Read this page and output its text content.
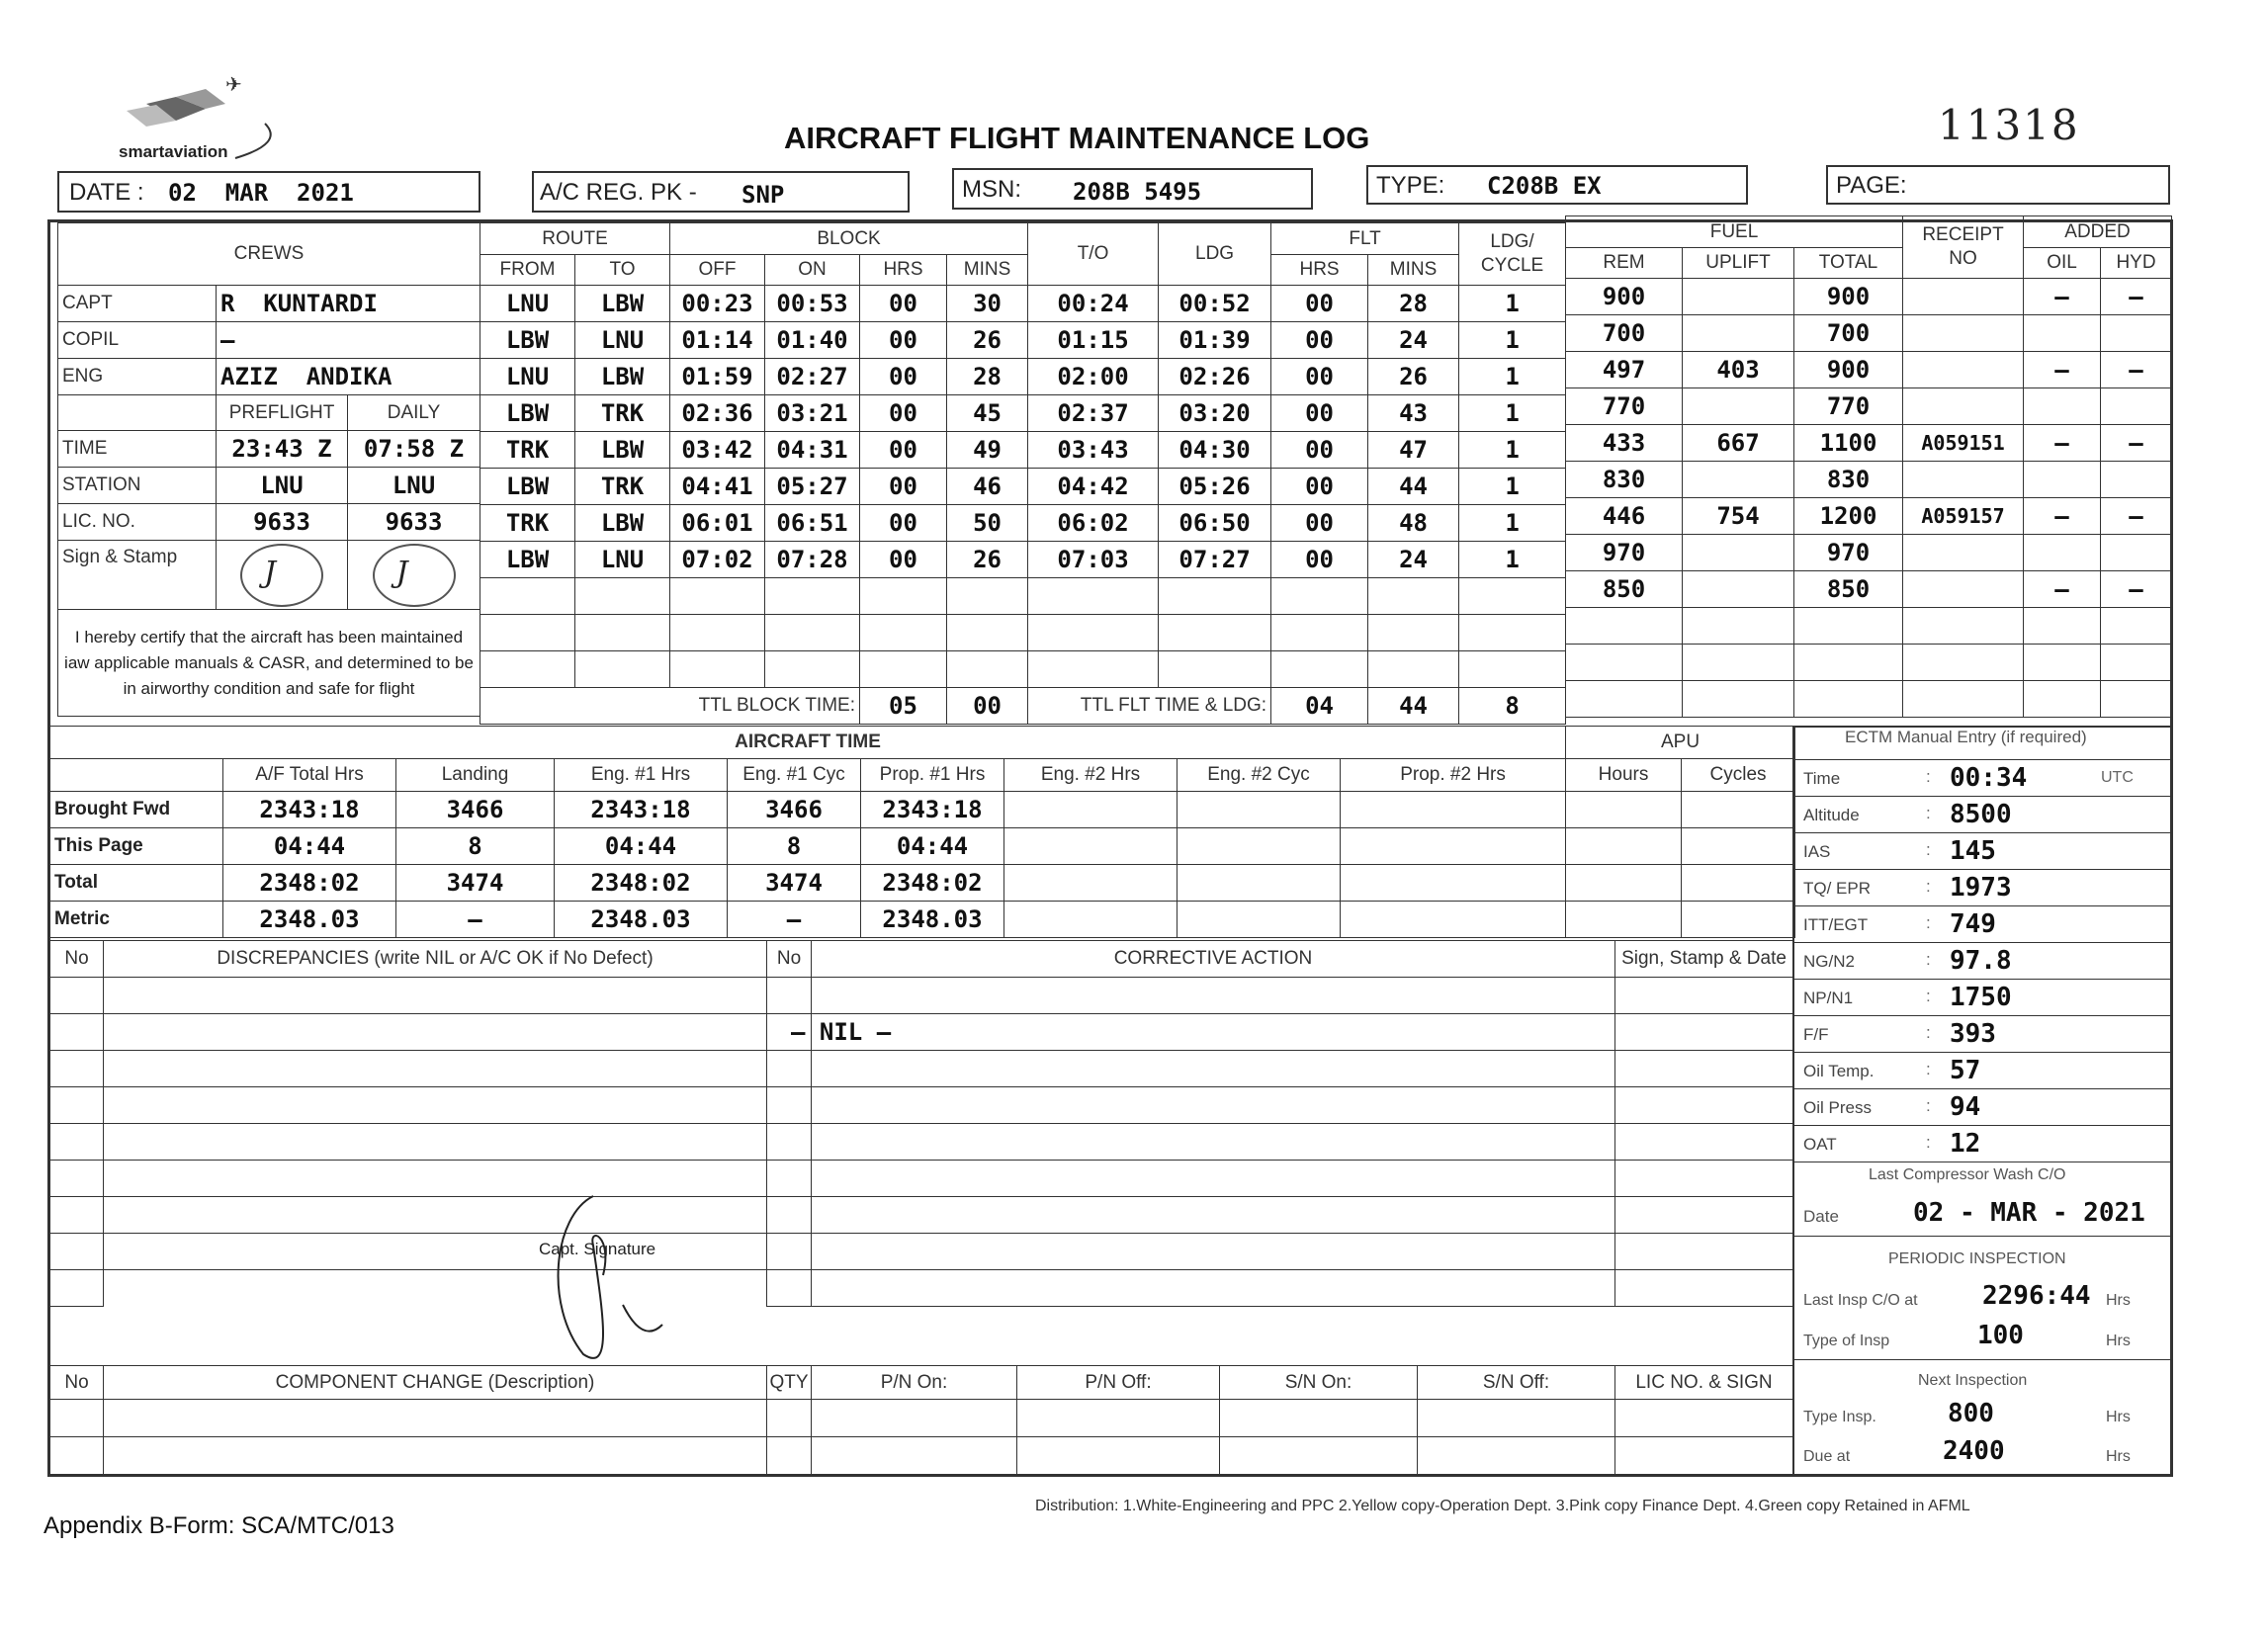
✈
smartaviation	AIRCRAFT FLIGHT MAINTENANCE LOG	11318
DATE : 02  MAR  2021	A/C REG. PK - SNP	MSN: 208B 5495	TYPE: C208B EX	PAGE:
CREWS		
CAPT	R  KUNTARDI	
COPIL	–	
ENG	AZIZ  ANDIKA	
	PREFLIGHT	DAILY
TIME	23:43 Z	07:58 Z
STATION	LNU	LNU
LIC. NO.	9633	9633
Sign & Stamp	J	J

I hereby certify that the aircraft has been maintained iaw applicable manuals & CASR, and determined to be in airworthy condition and safe for flight		
ROUTE		BLOCK				T/O	LDG	FLT		LDG/ CYCLE
FROM	TO	OFF	ON	HRS	MINS			HRS	MINS	
LNU	LBW	00:23	00:53	00	30	00:24	00:52	00	28	1
LBW	LNU	01:14	01:40	00	26	01:15	01:39	00	24	1
LNU	LBW	01:59	02:27	00	28	02:00	02:26	00	26	1
LBW	TRK	02:36	03:21	00	45	02:37	03:20	00	43	1
TRK	LBW	03:42	04:31	00	49	03:43	04:30	00	47	1
LBW	TRK	04:41	05:27	00	46	04:42	05:26	00	44	1
TRK	LBW	06:01	06:51	00	50	06:02	06:50	00	48	1
LBW	LNU	07:02	07:28	00	26	07:03	07:27	00	24	1

TTL BLOCK TIME:				05	00	TTL FLT TIME & LDG:		04	44	8
FUEL			RECEIPT NO	ADDED	
REM	UPLIFT	TOTAL		OIL	HYD
900		900		–	–
700		700			
497	403	900		–	–
770		770			
433	667	1100	A059151	–	–
830		830			
446	754	1200	A059157	–	–
970		970			
850		850		–	–

AIRCRAFT TIME								
	A/F Total Hrs	Landing	Eng. #1 Hrs	Eng. #1 Cyc	Prop. #1 Hrs	Eng. #2 Hrs	Eng. #2 Cyc	Prop. #2 Hrs
Brought Fwd	2343:18	3466	2343:18	3466	2343:18			
This Page	04:44	8	04:44	8	04:44			
Total	2348:02	3474	2348:02	3474	2348:02			
Metric	2348.03	–	2348.03	–	2348.03			
APU	
Hours	Cycles

ECTM Manual Entry (if required)
Time	: 00:34	UTC
Altitude	: 8500
IAS	: 145
TQ/ EPR	: 1973
ITT/EGT	: 749
NG/N2	: 97.8
NP/N1	: 1750
F/F	: 393
Oil Temp.	: 57
Oil Press	: 94
OAT	: 12
Last Compressor Wash C/O
Date	02 - MAR - 2021
PERIODIC INSPECTION
Last Insp C/O at	2296:44 Hrs
Type of Insp	100	Hrs
Next Inspection
Type Insp.	800	Hrs
Due at	2400	Hrs
No	DISCREPANCIES (write NIL or A/C OK if No Defect)	No	CORRECTIVE ACTION	Sign, Stamp & Date

– NIL –
Capt. Signature
No	COMPONENT CHANGE (Description)	QTY	P/N On:	P/N Off:	S/N On:	S/N Off:	LIC NO. & SIGN

Appendix B-Form: SCA/MTC/013
Distribution: 1.White-Engineering and PPC 2.Yellow copy-Operation Dept. 3.Pink copy Finance Dept. 4.Green copy Retained in AFML
